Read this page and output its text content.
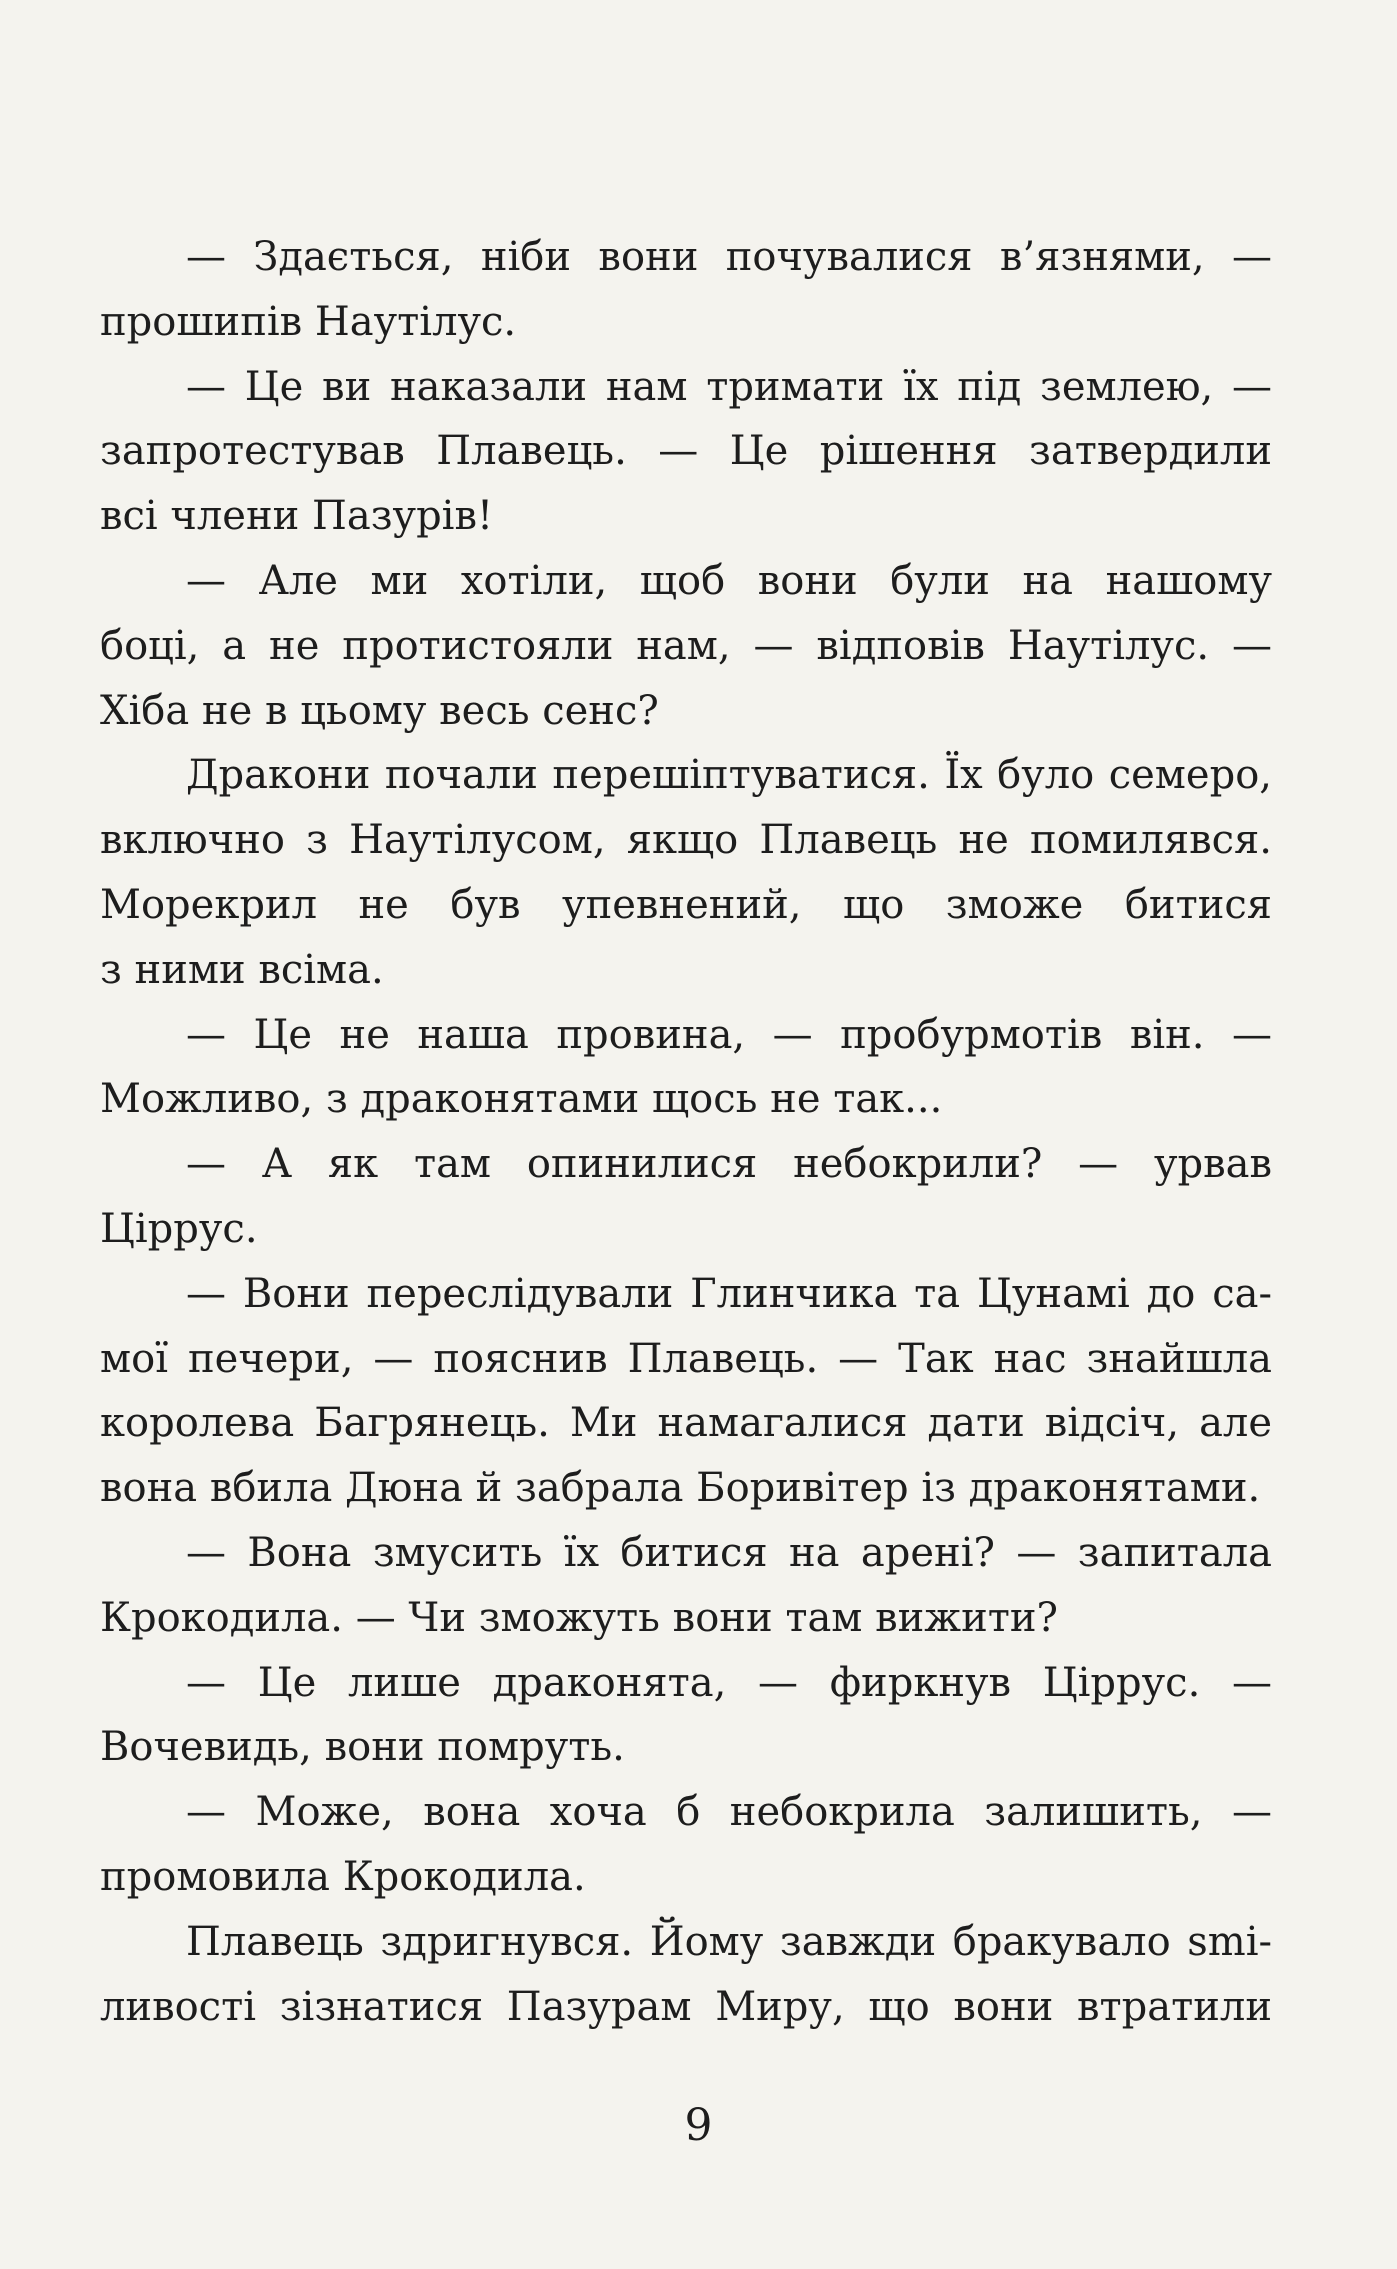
— Здається, ніби вони почувалися в’язнями, —
прошипів Наутілус.
— Це ви наказали нам тримати їх під землею, —
запротестував Плавець. — Це рішення затвердили
всі члени Пазурів!
— Але ми хотіли, щоб вони були на нашому
боці, а не протистояли нам, — відповів Наутілус. —
Хіба не в цьому весь сенс?
Дракони почали перешіптуватися. Їх було семеро,
включно з Наутілусом, якщо Плавець не помилявся.
Морекрил не був упевнений, що зможе битися
з ними всіма.
— Це не наша провина, — пробурмотів він. —
Можливо, з драконятами щось не так...
— А як там опинилися небокрили? — урвав
Ціррус.
— Вони переслідували Глинчика та Цунамі до са-
мої печери, — пояснив Плавець. — Так нас знайшла
королева Багрянець. Ми намагалися дати відсіч, але
вона вбила Дюна й забрала Боривітер із драконятами.
— Вона змусить їх битися на арені? — запитала
Крокодила. — Чи зможуть вони там вижити?
— Це лише драконята, — фиркнув Ціррус. —
Вочевидь, вони помруть.
— Може, вона хоча б небокрила залишить, —
промовила Крокодила.
Плавець здригнувся. Йому завжди бракувало smі-
ливості зізнатися Пазурам Миру, що вони втратили
9
